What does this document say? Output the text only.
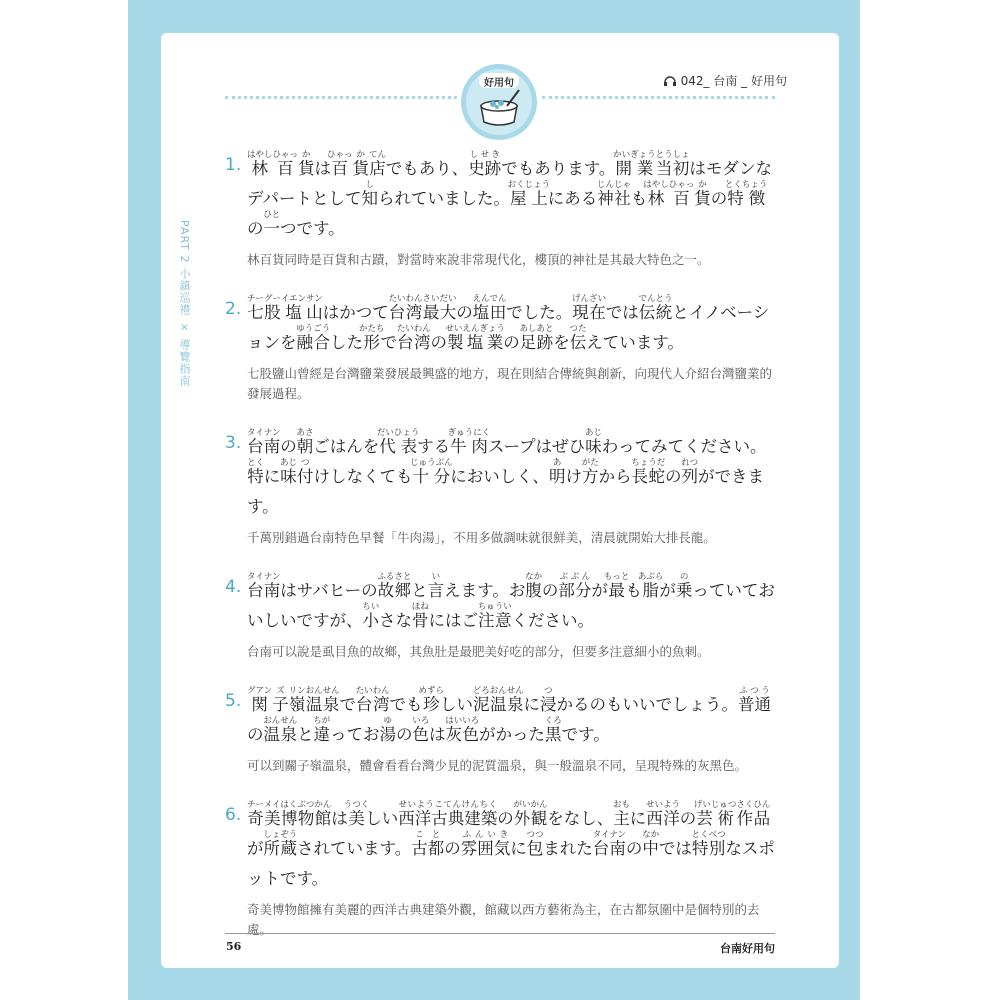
好用句	042_ 台南 _ 好用句
PART 2 小鎮巡禮 × 導覽指南
1. 林はやし百ひゃっ貨かは百ひゃっ貨か店てんでもあり、史跡しせきでもあります。開業かいぎょう当初とうしょはモダンなデパートとして知しられていました。屋上おくじょうにある神社じんじゃも林はやし百ひゃっ貨かの特徴とくちょうの一ひとつです。
林百貨同時是百貨和古蹟，對當時來說非常現代化，樓頂的神社是其最大特色之一。
2. 七股チーグー塩イエン山サンはかつて台湾最大たいわんさいだいの塩田えんでんでした。現在げんざいでは伝統でんとうとイノベーションを融合ゆうごうした形かたちで台湾たいわんの製塩業せいえんぎょうの足跡あしあとを伝つたえています。
七股鹽山曾經是台灣鹽業發展最興盛的地方，現在則結合傳統與創新，向現代人介紹台灣鹽業的發展過程。
3. 台南タイナンの朝あさごはんを代表だいひょうする牛肉ぎゅうにくスープはぜひ味あじわってみてください。特とくに味あじ付つけしなくても十分じゅうぶんにおいしく、明あけ方がたから長蛇ちょうだの列れつができます。
千萬別錯過台南特色早餐「牛肉湯」，不用多做調味就很鮮美，清晨就開始大排長龍。
4. 台南タイナンはサバヒーの故郷ふるさとと言いえます。お腹なかの部分ぶぶんが最もっとも脂あぶらが乗のっていておいしいですが、小ちいさな骨ほねにはご注意ちゅういください。
台南可以說是虱目魚的故鄉，其魚肚是最肥美好吃的部分，但要多注意細小的魚刺。
5. 関グアン子ズ嶺リン温泉おんせんで台湾たいわんでも珍めずらしい泥温泉どろおんせんに浸つかるのもいいでしょう。普通ふつうの温泉おんせんと違ちがってお湯ゆの色いろは灰色はいいろがかった黒くろです。
可以到關子嶺溫泉，體會看看台灣少見的泥質溫泉，與一般溫泉不同，呈現特殊的灰黑色。
6. 奇美博物館チーメイはくぶつかんは美うつくしい西洋古典建築せいようこてんけんちくの外観がいかんをなし、主おもに西洋せいようの芸術げいじゅつ作品さくひんが所蔵しょぞうされています。古都ことの雰囲気ふんいきに包つつまれた台南タイナンの中なかでは特別とくべつなスポットです。
奇美博物館擁有美麗的西洋古典建築外觀，館藏以西方藝術為主，在古都氛圍中是個特別的去處。
56	台南好用句
